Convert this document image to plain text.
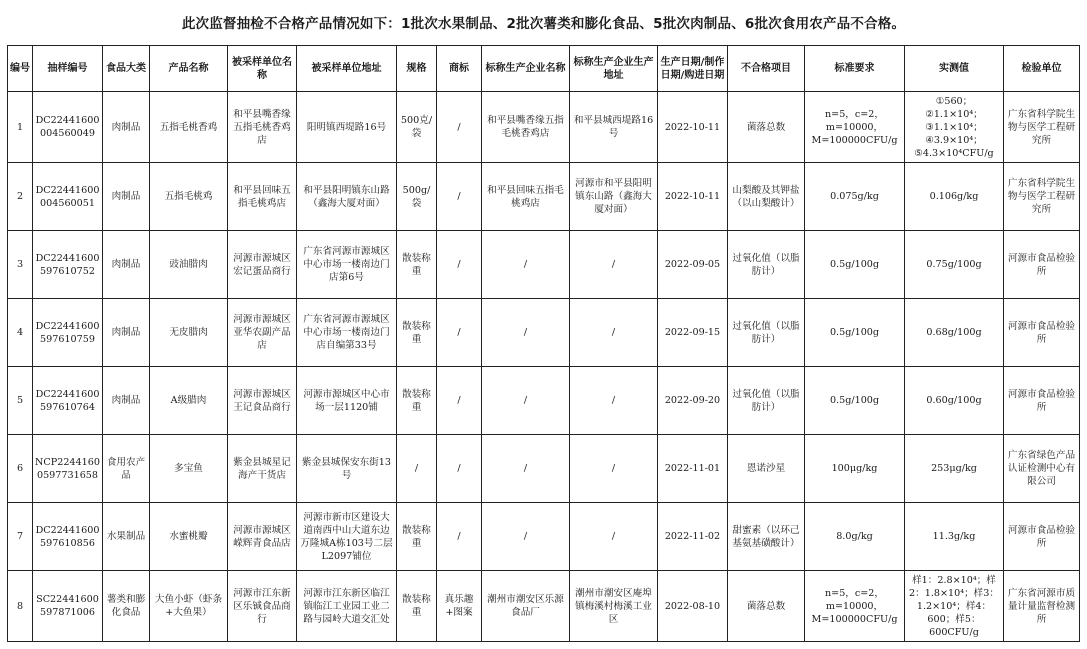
此次监督抽检不合格产品情况如下：1批次水果制品、2批次薯类和膨化食品、5批次肉制品、6批次食用农产品不合格。
编号	抽样编号	食品大类	产品名称	被采样单位名称	被采样单位地址	规格	商标	标称生产企业名称	标称生产企业生产地址	生产日期/制作日期/购进日期	不合格项目	标准要求	实测值	检验单位
1	DC22441600004560049	肉制品	五指毛桃香鸡	和平县嘴香缘五指毛桃香鸡店	阳明镇西堤路16号	500克/袋	/	和平县嘴香缘五指毛桃香鸡店	和平县城西堤路16号	2022-10-11	菌落总数	n=5，c=2，m=10000，M=100000CFU/g	①560；②1.1×10⁴；③1.1×10⁴；④3.9×10⁴；⑤4.3×10⁴CFU/g	广东省科学院生物与医学工程研究所
2	DC22441600004560051	肉制品	五指毛桃鸡	和平县回味五指毛桃鸡店	和平县阳明镇东山路（鑫海大厦对面）	500g/袋	/	和平县回味五指毛桃鸡店	河源市和平县阳明镇东山路（鑫海大厦对面）	2022-10-11	山梨酸及其钾盐（以山梨酸计）	0.075g/kg	0.106g/kg	广东省科学院生物与医学工程研究所
3	DC22441600597610752	肉制品	豉油腊肉	河源市源城区宏记蛋品商行	广东省河源市源城区中心市场一楼南边门店第6号	散装称重	/	/	/	2022-09-05	过氧化值（以脂肪计）	0.5g/100g	0.75g/100g	河源市食品检验所
4	DC22441600597610759	肉制品	无皮腊肉	河源市源城区亚华农副产品店	广东省河源市源城区中心市场一楼南边门店自编第33号	散装称重	/	/	/	2022-09-15	过氧化值（以脂肪计）	0.5g/100g	0.68g/100g	河源市食品检验所
5	DC22441600597610764	肉制品	A级腊肉	河源市源城区王记食品商行	河源市源城区中心市场一层1120铺	散装称重	/	/	/	2022-09-20	过氧化值（以脂肪计）	0.5g/100g	0.60g/100g	河源市食品检验所
6	NCP22441600597731658	食用农产品	多宝鱼	紫金县城星记海产干货店	紫金县城保安东街13号	/	/	/	/	2022-11-01	恩诺沙星	100μg/kg	253μg/kg	广东省绿色产品认证检测中心有限公司
7	DC22441600597610856	水果制品	水蜜桃瓣	河源市源城区嵘辉青食品店	河源市新市区建设大道南西中山大道东边万隆城A栋103号二层L2097铺位	散装称重	/	/	/	2022-11-02	甜蜜素（以环己基氨基磺酸计）	8.0g/kg	11.3g/kg	河源市食品检验所
8	SC22441600597871006	薯类和膨化食品	大鱼小虾（虾条+大鱼果）	河源市江东新区乐铖食品商行	河源市江东新区临江镇临江工业园工业二路与园岭大道交汇处	散装称重	真乐趣+图案	潮州市潮安区乐源食品厂	潮州市潮安区庵埠镇梅溪村梅溪工业区	2022-08-10	菌落总数	n=5，c=2，m=10000，M=100000CFU/g	样1：2.8×10⁴；样2：1.8×10⁴；样3：1.2×10⁴；样4：600；样5：600CFU/g	广东省河源市质量计量监督检测所
